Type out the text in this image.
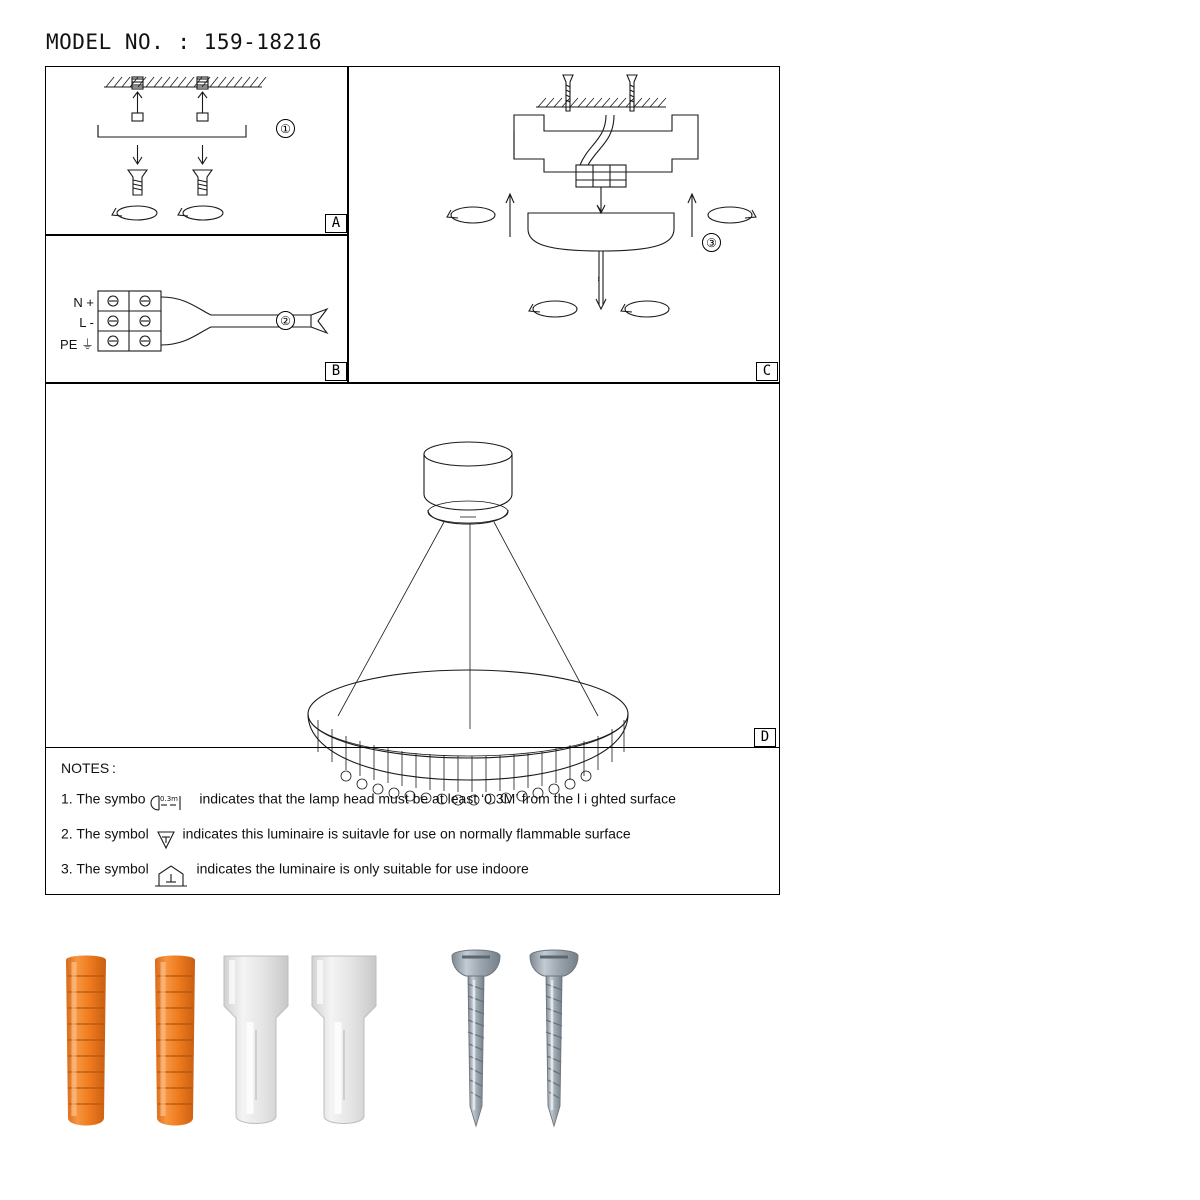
MODEL NO. : 159-18216
①
A
N +
L -
PE ⏚
②
B
…
③
C
D
NOTES :
1. The symbo 0.3m indicates that the lamp head must be at least ‘0.3M’ from the l i ghted surface
2. The symbol indicates this luminaire is suitavle for use on normally flammable surface
3. The symbol	indicates the luminaire is only suitable for use indoore
